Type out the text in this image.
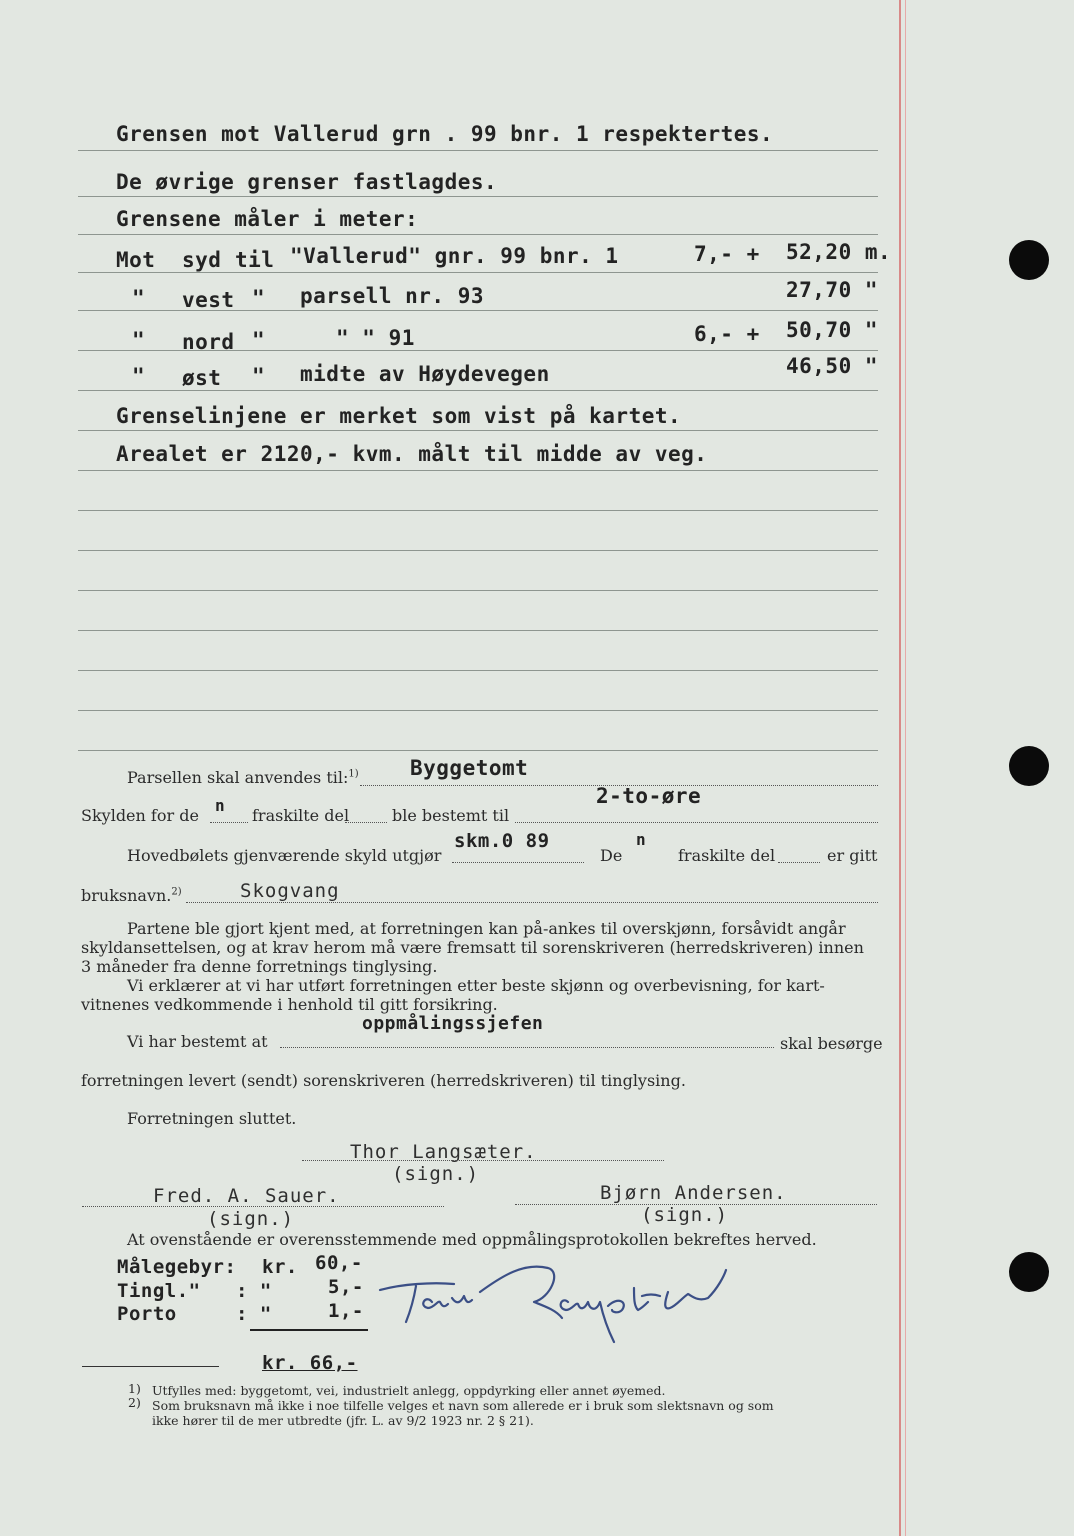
Grensen mot Vallerud grn . 99 bnr. 1 respektertes.
De øvrige grenser fastlagdes.
Grensene måler i meter:
Mot syd til "Vallerud" gnr. 99 bnr. 1	7,- + 52,20 m.
" vest " parsell nr. 93	27,70 "
" nord "	" " 91	6,- + 50,70 "
" øst " midte av Høydevegen	46,50 "
Grenselinjene er merket som vist på kartet.
Arealet er 2120,- kvm. målt til midde av veg.
Parsellen skal anvendes til:$^{1)}$ Byggetomt
Skylden for de
n
fraskilte del	ble bestemt til
2-to-øre
Hovedbølets gjenværende skyld utgjør
skm.0 89
De
n
fraskilte del	er gitt
bruksnavn.$^{2)}$	Skogvang
Partene ble gjort kjent med, at forretningen kan på-ankes til overskjønn, forsåvidt angår
skyldansettelsen, og at krav herom må være fremsatt til sorenskriveren (herredskriveren) innen
3 måneder fra denne forretnings tinglysing.
Vi erklærer at vi har utført forretningen etter beste skjønn og overbevisning, for kart-
vitnenes vedkommende i henhold til gitt forsikring.
Vi har bestemt at
oppmålingssjefen
skal besørge
forretningen levert (sendt) sorenskriveren (herredskriveren) til tinglysing.
Forretningen sluttet.
Thor Langsæter.
(sign.)
Fred. A. Sauer.
(sign.)
Bjørn Andersen.
(sign.)
At ovenstående er overensstemmende med oppmålingsprotokollen bekreftes herved.
Målegebyr: kr. 60,-
Tingl." : "	5,-
Porto	: "	1,-
kr. 66,-
1) Utfylles med: byggetomt, vei, industrielt anlegg, oppdyrking eller annet øyemed.
2) Som bruksnavn må ikke i noe tilfelle velges et navn som allerede er i bruk som slektsnavn og som
ikke hører til de mer utbredte (jfr. L. av 9/2 1923 nr. 2 § 21).
